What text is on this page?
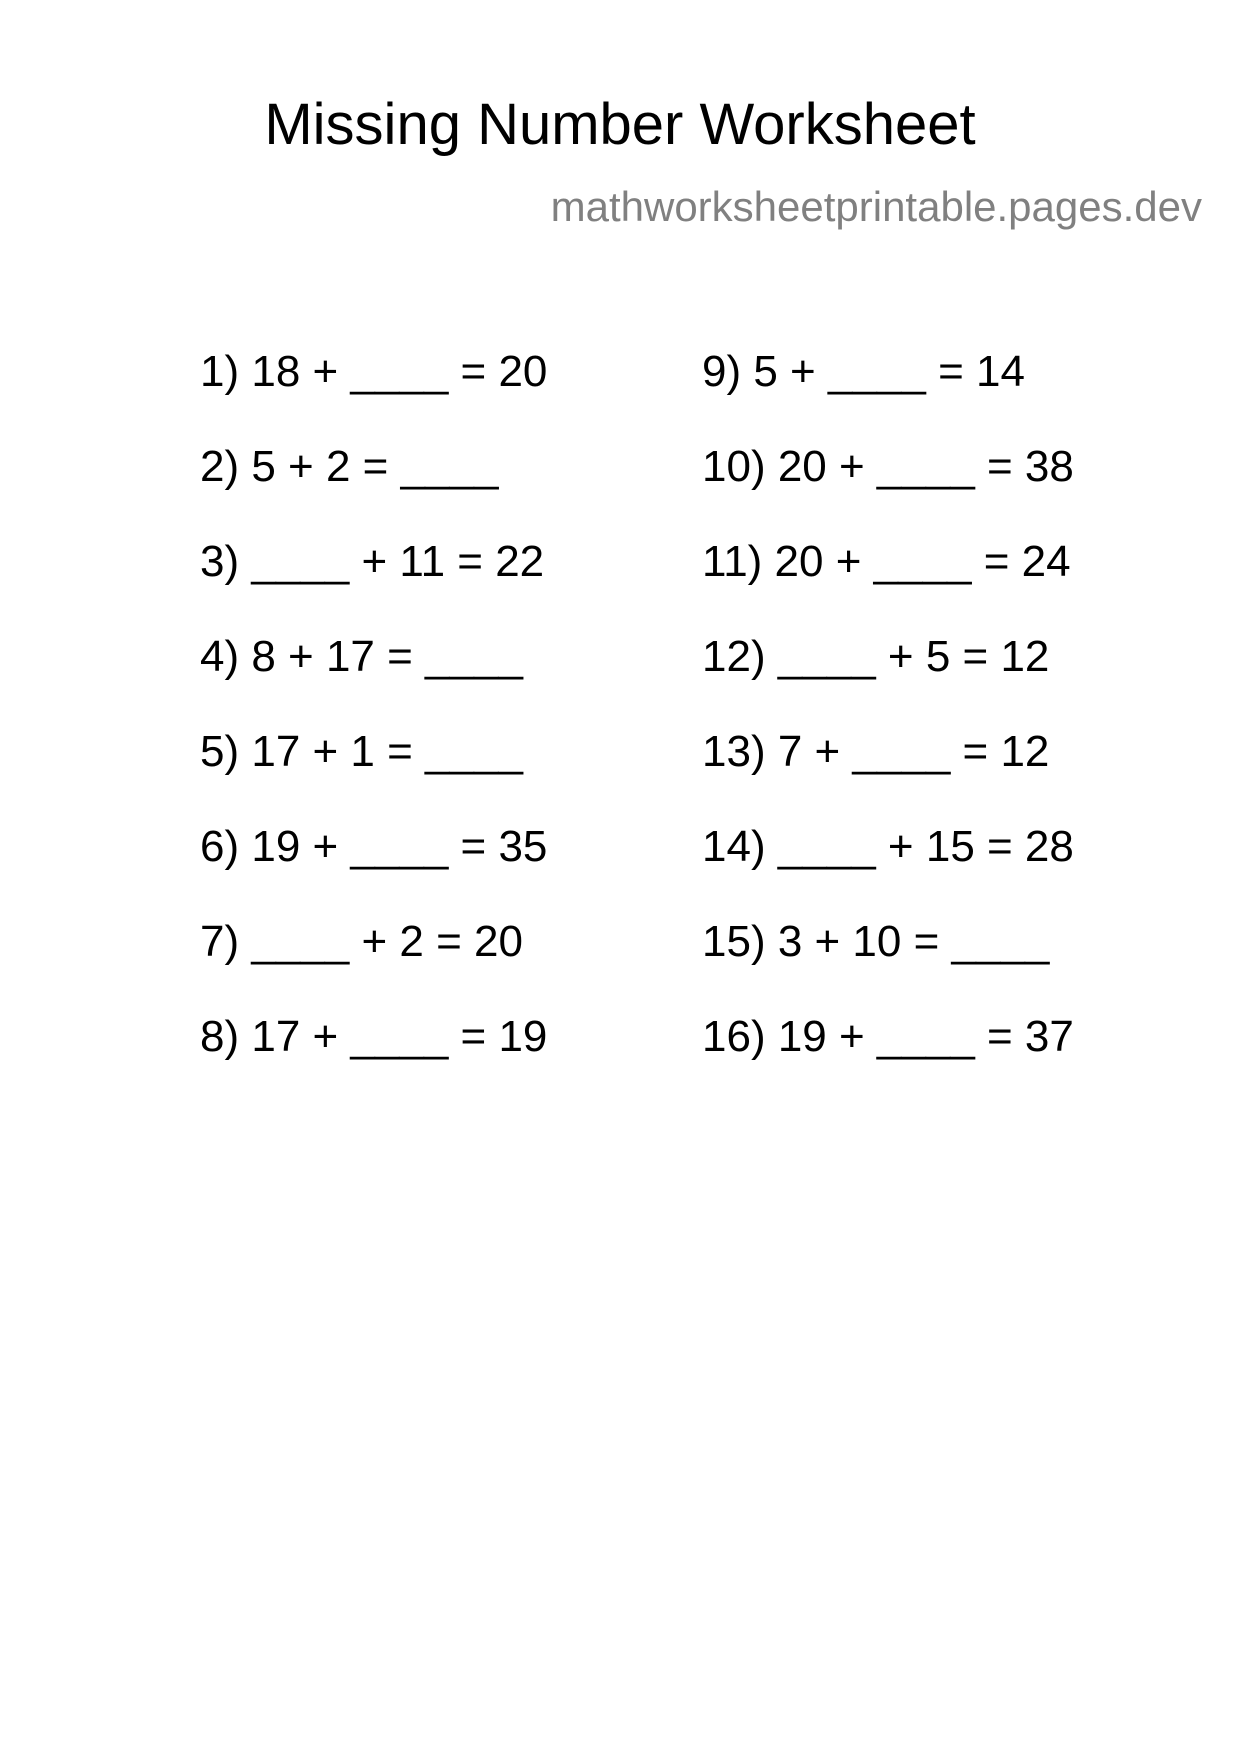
Missing Number Worksheet
mathworksheetprintable.pages.dev
1) 18 + ____ = 20
2) 5 + 2 = ____
3) ____ + 11 = 22
4) 8 + 17 = ____
5) 17 + 1 = ____
6) 19 + ____ = 35
7) ____ + 2 = 20
8) 17 + ____ = 19
9) 5 + ____ = 14
10) 20 + ____ = 38
11) 20 + ____ = 24
12) ____ + 5 = 12
13) 7 + ____ = 12
14) ____ + 15 = 28
15) 3 + 10 = ____
16) 19 + ____ = 37
